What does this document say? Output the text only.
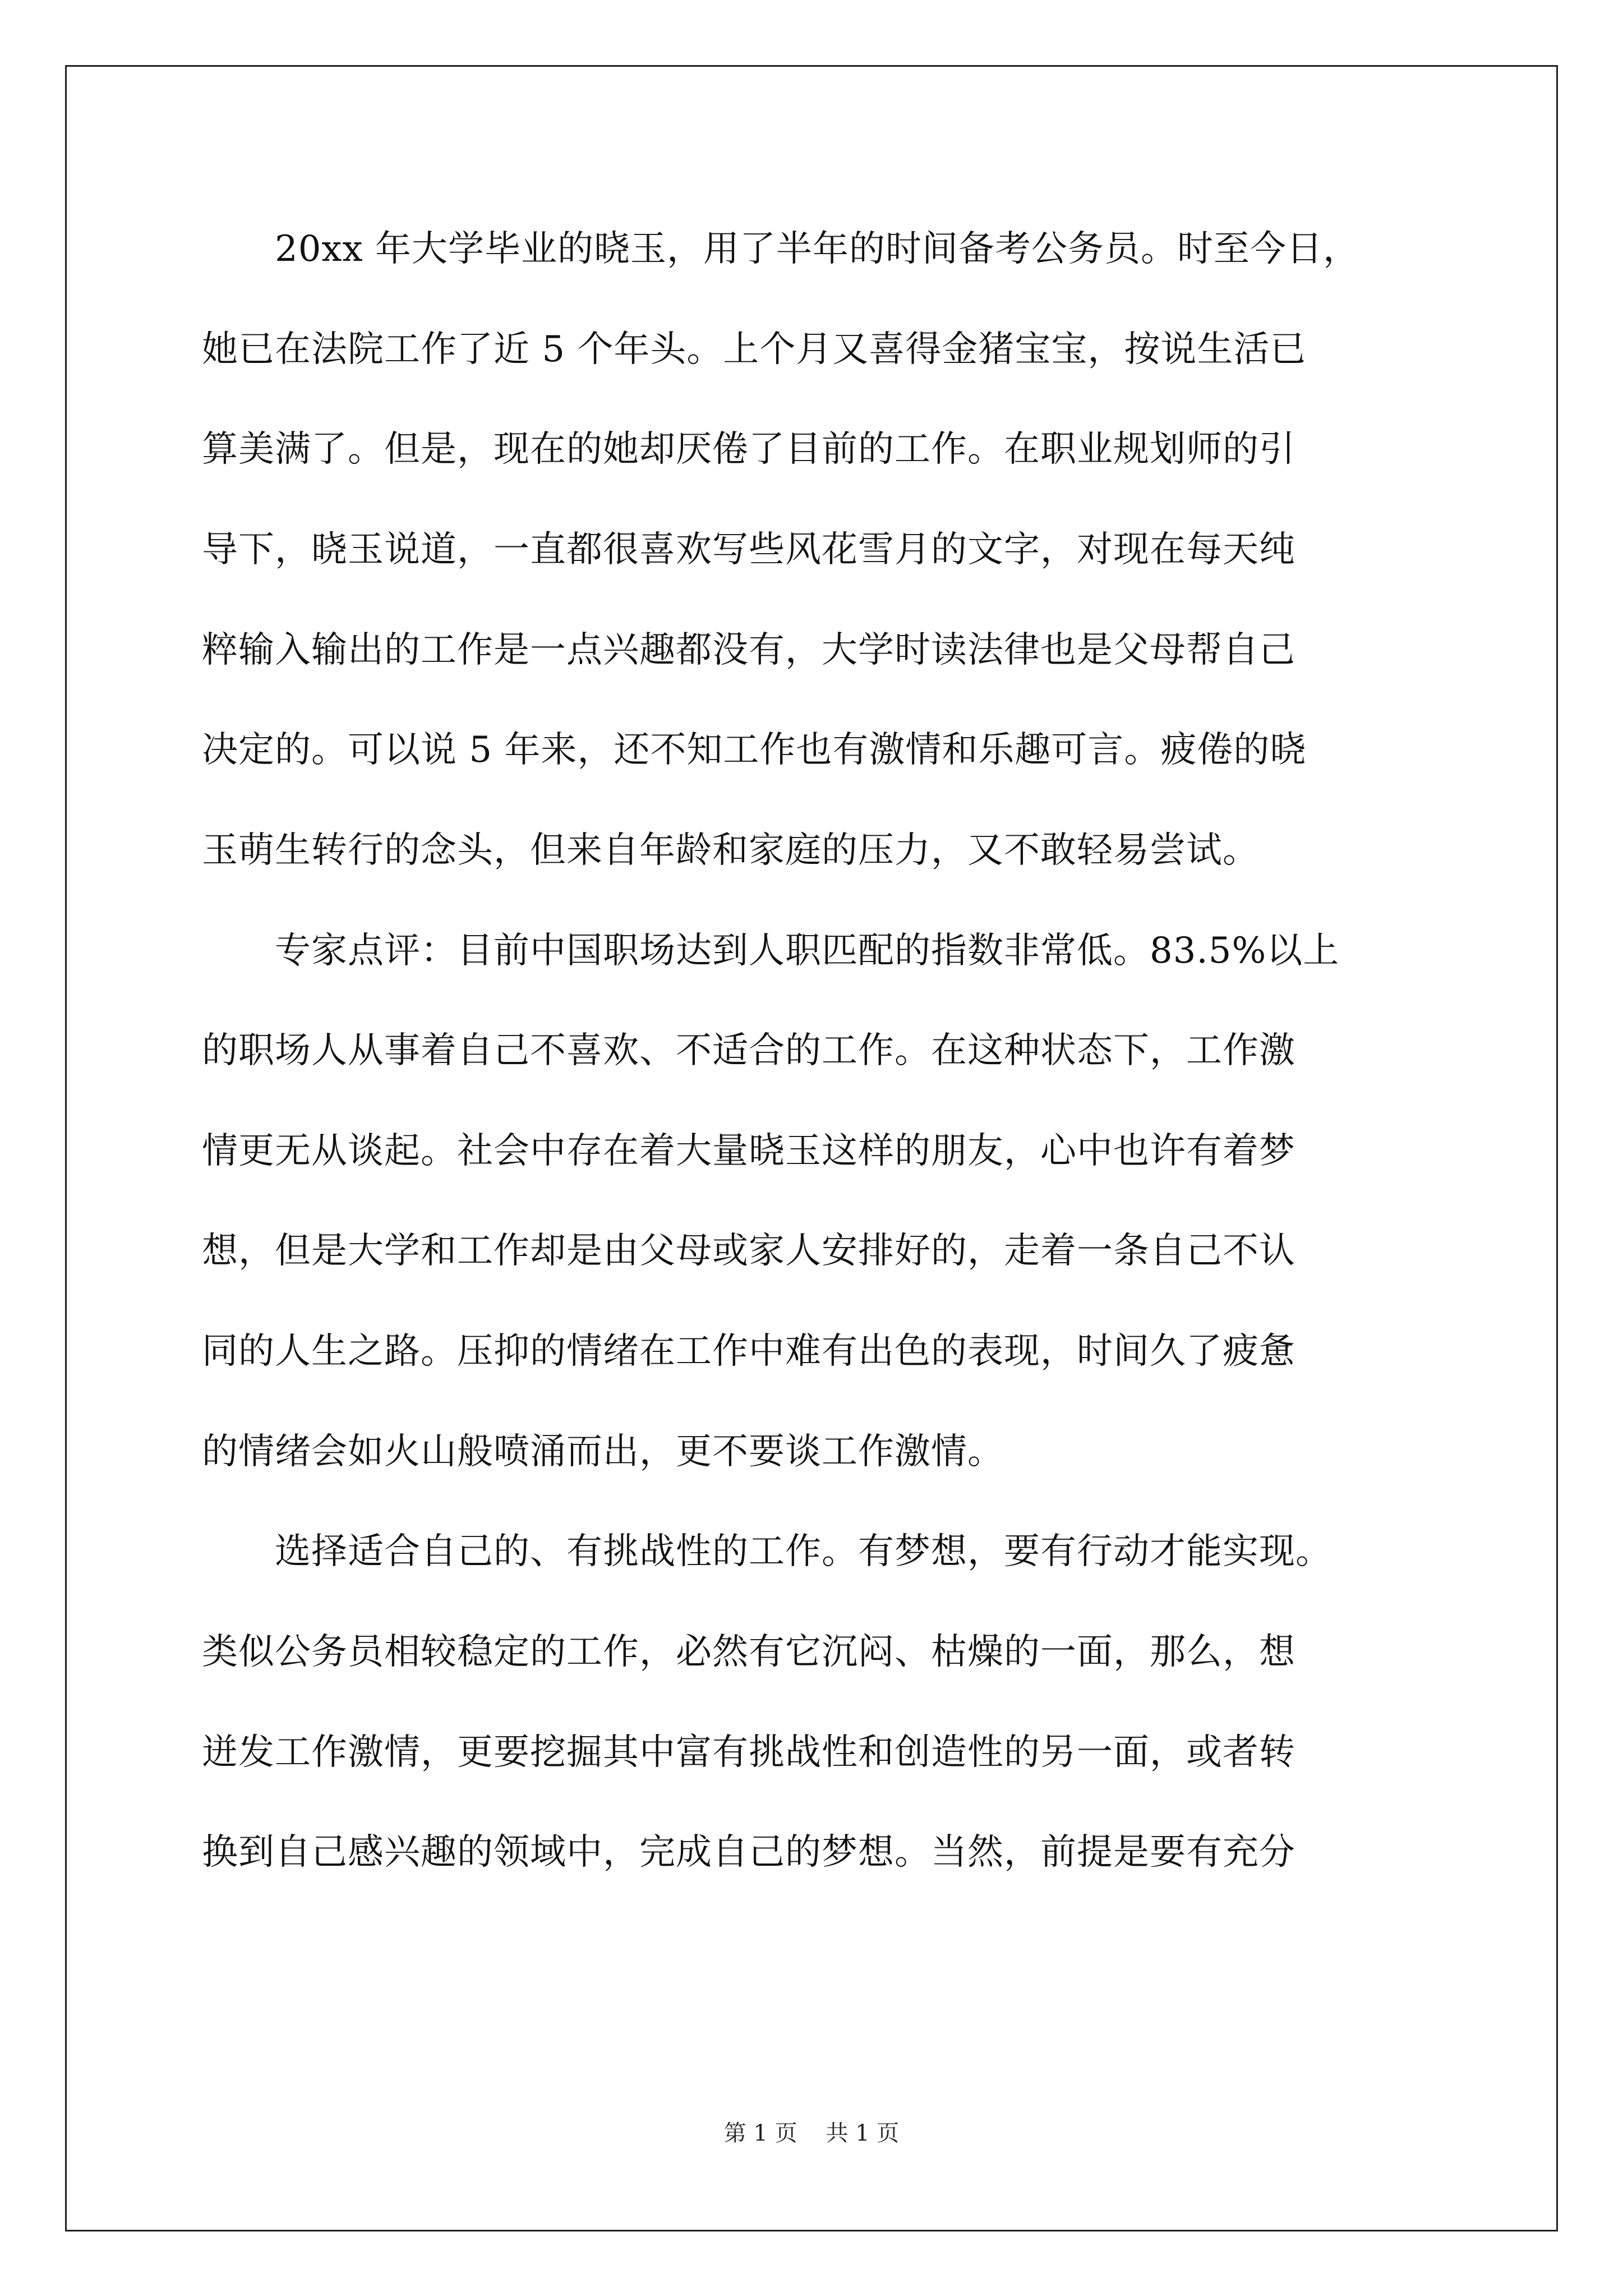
　　20xx 年大学毕业的晓玉，用了半年的时间备考公务员。时至今日，
她已在法院工作了近 5 个年头。上个月又喜得金猪宝宝，按说生活已
算美满了。但是，现在的她却厌倦了目前的工作。在职业规划师的引
导下，晓玉说道，一直都很喜欢写些风花雪月的文字，对现在每天纯
粹输入输出的工作是一点兴趣都没有，大学时读法律也是父母帮自己
决定的。可以说 5 年来，还不知工作也有激情和乐趣可言。疲倦的晓
玉萌生转行的念头，但来自年龄和家庭的压力，又不敢轻易尝试。
　　专家点评：目前中国职场达到人职匹配的指数非常低。83.5%以上
的职场人从事着自己不喜欢、不适合的工作。在这种状态下，工作激
情更无从谈起。社会中存在着大量晓玉这样的朋友，心中也许有着梦
想，但是大学和工作却是由父母或家人安排好的，走着一条自己不认
同的人生之路。压抑的情绪在工作中难有出色的表现，时间久了疲惫
的情绪会如火山般喷涌而出，更不要谈工作激情。
　　选择适合自己的、有挑战性的工作。有梦想，要有行动才能实现。
类似公务员相较稳定的工作，必然有它沉闷、枯燥的一面，那么，想
迸发工作激情，更要挖掘其中富有挑战性和创造性的另一面，或者转
换到自己感兴趣的领域中，完成自己的梦想。当然，前提是要有充分
第 1 页    共 1 页
